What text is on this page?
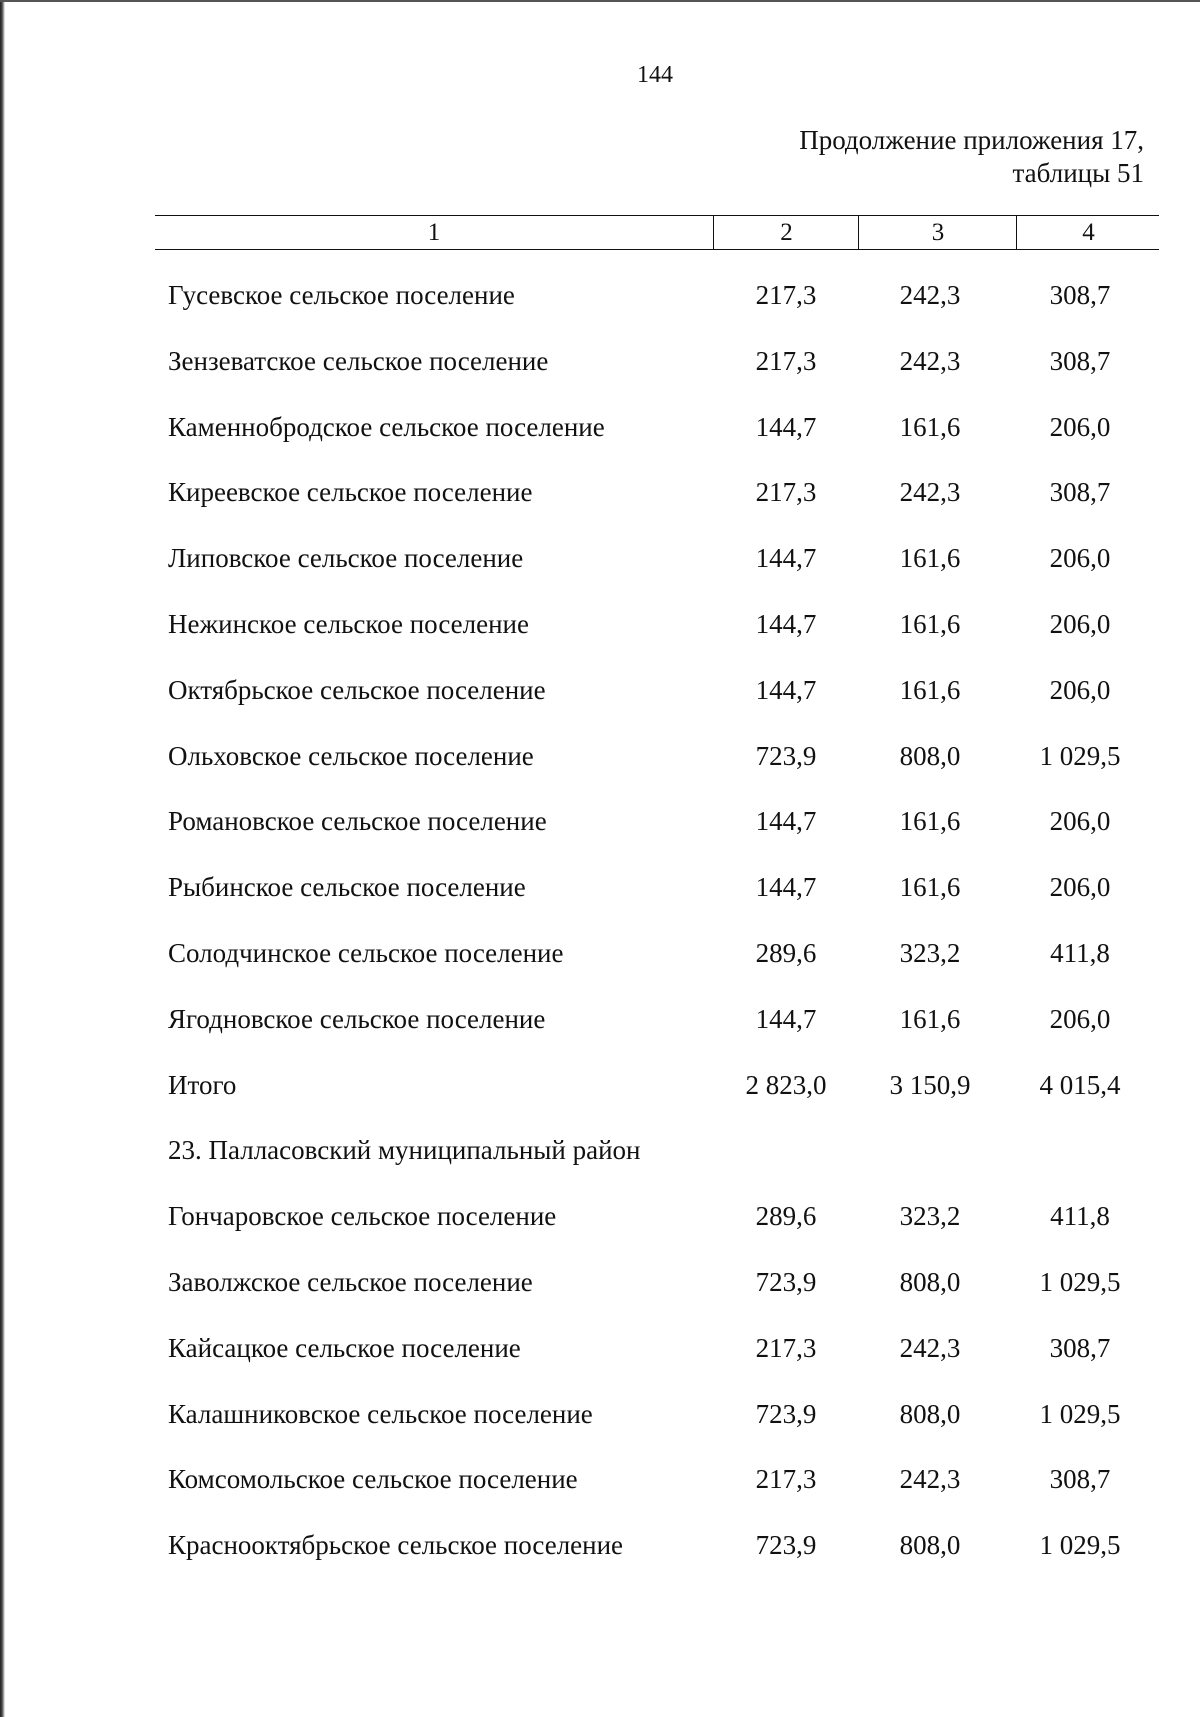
144
Продолжение приложения 17,
таблицы 51
1	2	3	4
Гусевское сельское поселение	217,3	242,3	308,7
Зензеватское сельское поселение	217,3	242,3	308,7
Каменнобродское сельское поселение	144,7	161,6	206,0
Киреевское сельское поселение	217,3	242,3	308,7
Липовское сельское поселение	144,7	161,6	206,0
Нежинское сельское поселение	144,7	161,6	206,0
Октябрьское сельское поселение	144,7	161,6	206,0
Ольховское сельское поселение	723,9	808,0	1 029,5
Романовское сельское поселение	144,7	161,6	206,0
Рыбинское сельское поселение	144,7	161,6	206,0
Солодчинское сельское поселение	289,6	323,2	411,8
Ягодновское сельское поселение	144,7	161,6	206,0
Итого	2 823,0	3 150,9	4 015,4
23. Палласовский муниципальный район
Гончаровское сельское поселение	289,6	323,2	411,8
Заволжское сельское поселение	723,9	808,0	1 029,5
Кайсацкое сельское поселение	217,3	242,3	308,7
Калашниковское сельское поселение	723,9	808,0	1 029,5
Комсомольское сельское поселение	217,3	242,3	308,7
Краснооктябрьское сельское поселение	723,9	808,0	1 029,5
